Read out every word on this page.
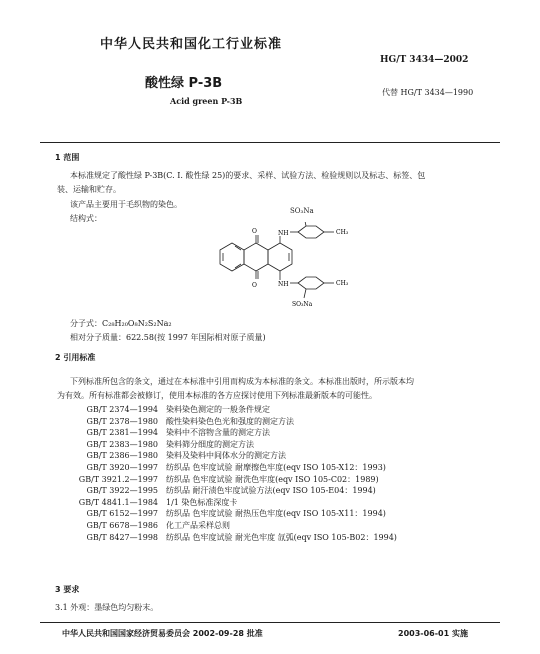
中华人民共和国化工行业标准
HG/T 3434—2002
酸性绿 P-3B
Acid green P-3B
代替 HG/T 3434—1990
1 范围
本标准规定了酸性绿 P-3B(C. I. 酸性绿 25)的要求、采样、试验方法、检验规则以及标志、标签、包
装、运输和贮存。
该产品主要用于毛织物的染色。
结构式：
O
O
NH
NH
CH₃
CH₃
SO₃Na
SO₃Na
分子式：C₂₈H₂₀O₈N₂S₂Na₂
相对分子质量：622.58(按 1997 年国际相对原子质量)
2 引用标准
下列标准所包含的条文，通过在本标准中引用而构成为本标准的条文。本标准出版时，所示版本均
为有效。所有标准都会被修订，使用本标准的各方应探讨使用下列标准最新版本的可能性。
GB/T 2374—1994	染料染色测定的一般条件规定
GB/T 2378—1980	酸性染料染色色光和强度的测定方法
GB/T 2381—1994	染料中不溶物含量的测定方法
GB/T 2383—1980	染料筛分细度的测定方法
GB/T 2386—1980	染料及染料中间体水分的测定方法
GB/T 3920—1997	纺织品 色牢度试验 耐摩擦色牢度(eqv ISO 105-X12：1993)
GB/T 3921.2—1997	纺织品 色牢度试验 耐洗色牢度(eqv ISO 105-C02：1989)
GB/T 3922—1995	纺织品 耐汗渍色牢度试验方法(eqv ISO 105-E04：1994)
GB/T 4841.1—1984	1/1 染色标准深度卡
GB/T 6152—1997	纺织品 色牢度试验 耐热压色牢度(eqv ISO 105-X11：1994)
GB/T 6678—1986	化工产品采样总则
GB/T 8427—1998	纺织品 色牢度试验 耐光色牢度 氙弧(eqv ISO 105-B02：1994)
3 要求
3.1 外观：墨绿色均匀粉末。
中华人民共和国国家经济贸易委员会 2002-09-28 批准	2003-06-01 实施
